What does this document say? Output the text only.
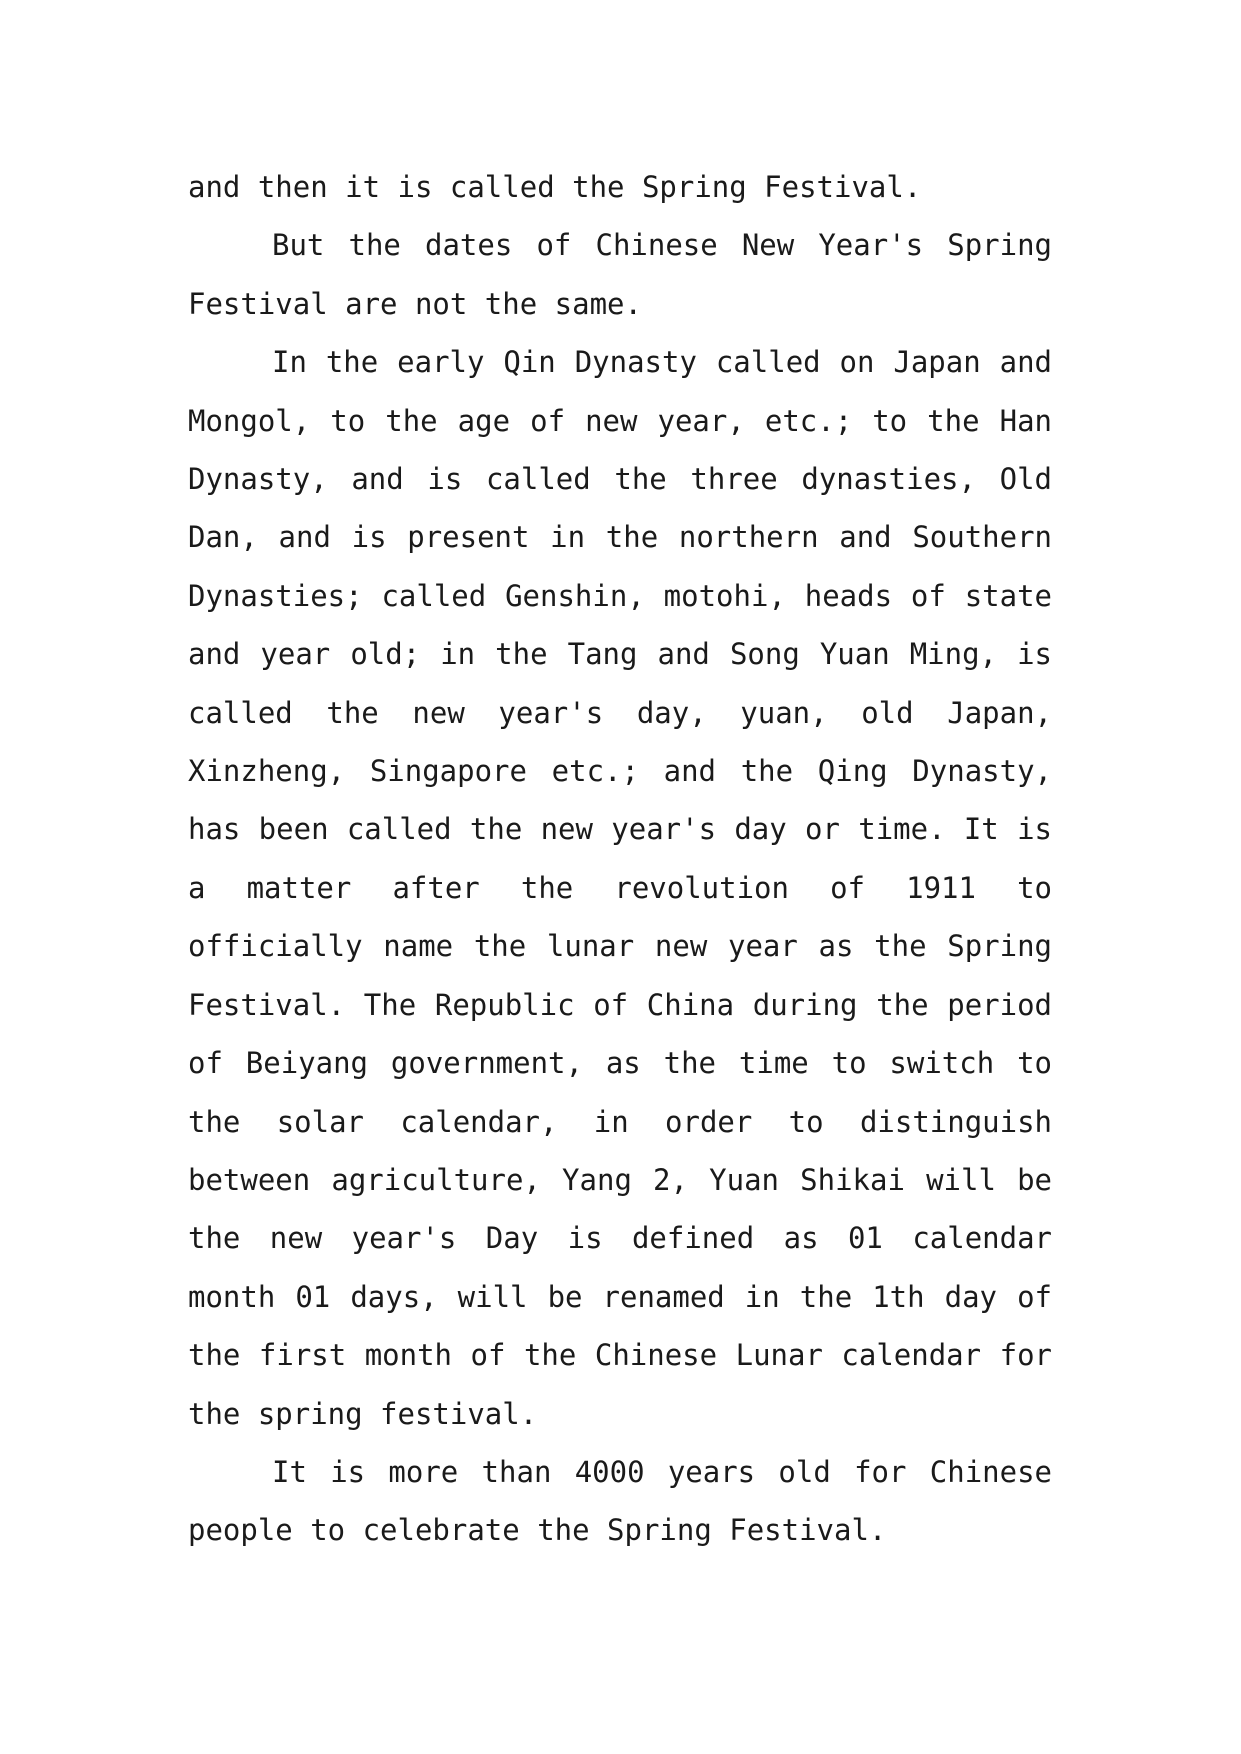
and then it is called the Spring Festival.

But the dates of Chinese New Year's Spring Festival are not the same.

In the early Qin Dynasty called on Japan and Mongol, to the age of new year, etc.; to the Han Dynasty, and is called the three dynasties, Old Dan, and is present in the northern and Southern Dynasties; called Genshin, motohi, heads of state and year old; in the Tang and Song Yuan Ming, is called the new year's day, yuan, old Japan, Xinzheng, Singapore etc.; and the Qing Dynasty, has been called the new year's day or time. It is a matter after the revolution of 1911 to officially name the lunar new year as the Spring Festival. The Republic of China during the period of Beiyang government, as the time to switch to the solar calendar, in order to distinguish between agriculture, Yang 2, Yuan Shikai will be the new year's Day is defined as 01 calendar month 01 days, will be renamed in the 1th day of the first month of the Chinese Lunar calendar for the spring festival.

It is more than 4000 years old for Chinese people to celebrate the Spring Festival.
